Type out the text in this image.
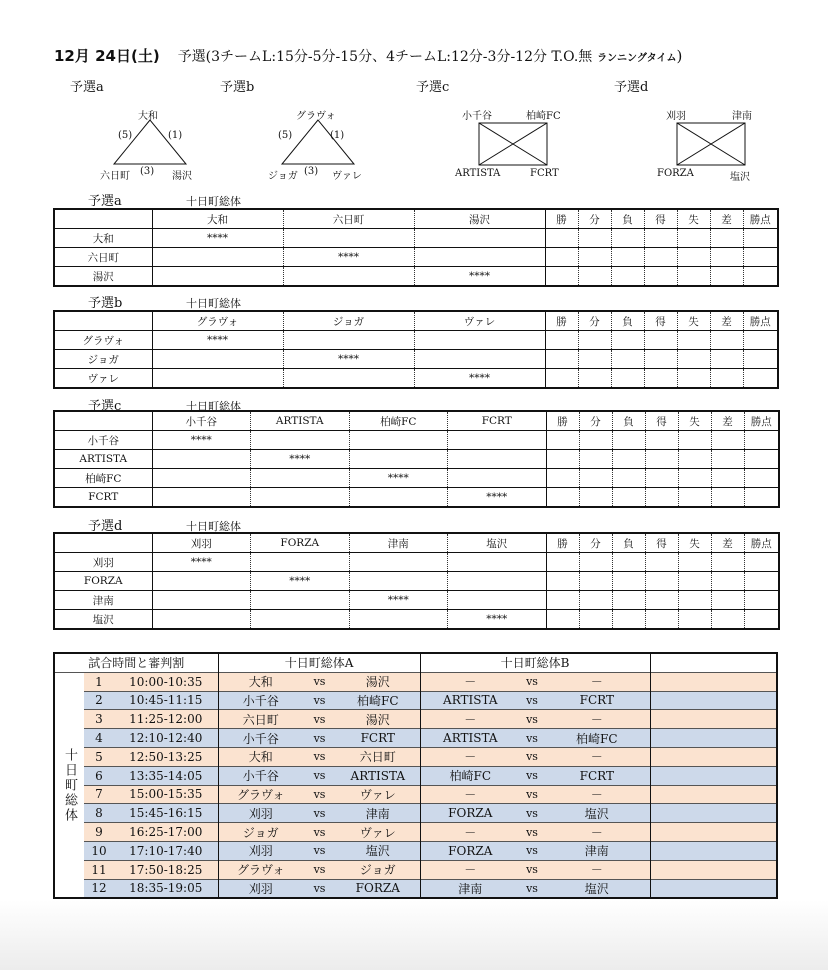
12月 24日(土) 予選(3チームL:15分-5分-15分、4チームL:12分-3分-12分 T.O.無 ランニングタイム)
予選a	予選b	予選c	予選d
大和
(5)	(1)
六日町 (3) 湯沢
グラヴォ
(5)	(1)
ジョガ (3) ヴァレ
小千谷	柏崎FC
ARTISTA	FCRT
刈羽	津南
FORZA	塩沢
予選a	十日町総体
	大和	六日町	湯沢	勝	分	負	得	失	差	勝点
大和	****									
六日町		****								
湯沢			****							
予選b	十日町総体
	グラヴォ	ジョガ	ヴァレ	勝	分	負	得	失	差	勝点
グラヴォ	****									
ジョガ		****								
ヴァレ			****							
予選c	十日町総体
	小千谷	ARTISTA	柏崎FC	FCRT	勝	分	負	得	失	差	勝点
小千谷	****										
ARTISTA		****									
柏崎FC			****								
FCRT				****							
予選d	十日町総体
	刈羽	FORZA	津南	塩沢	勝	分	負	得	失	差	勝点
刈羽	****										
FORZA		****									
津南			****								
塩沢				****							
試合時間と審判割			十日町総体A			十日町総体B			
十日町総体	1	10:00-10:35	大和	vs	湯沢	－	vs	－	
	2	10:45-11:15	小千谷	vs	柏崎FC	ARTISTA	vs	FCRT	
	3	11:25-12:00	六日町	vs	湯沢	－	vs	－	
	4	12:10-12:40	小千谷	vs	FCRT	ARTISTA	vs	柏崎FC	
	5	12:50-13:25	大和	vs	六日町	－	vs	－	
	6	13:35-14:05	小千谷	vs	ARTISTA	柏崎FC	vs	FCRT	
	7	15:00-15:35	グラヴォ	vs	ヴァレ	－	vs	－	
	8	15:45-16:15	刈羽	vs	津南	FORZA	vs	塩沢	
	9	16:25-17:00	ジョガ	vs	ヴァレ	－	vs	－	
	10	17:10-17:40	刈羽	vs	塩沢	FORZA	vs	津南	
	11	17:50-18:25	グラヴォ	vs	ジョガ	－	vs	－	
	12	18:35-19:05	刈羽	vs	FORZA	津南	vs	塩沢	
